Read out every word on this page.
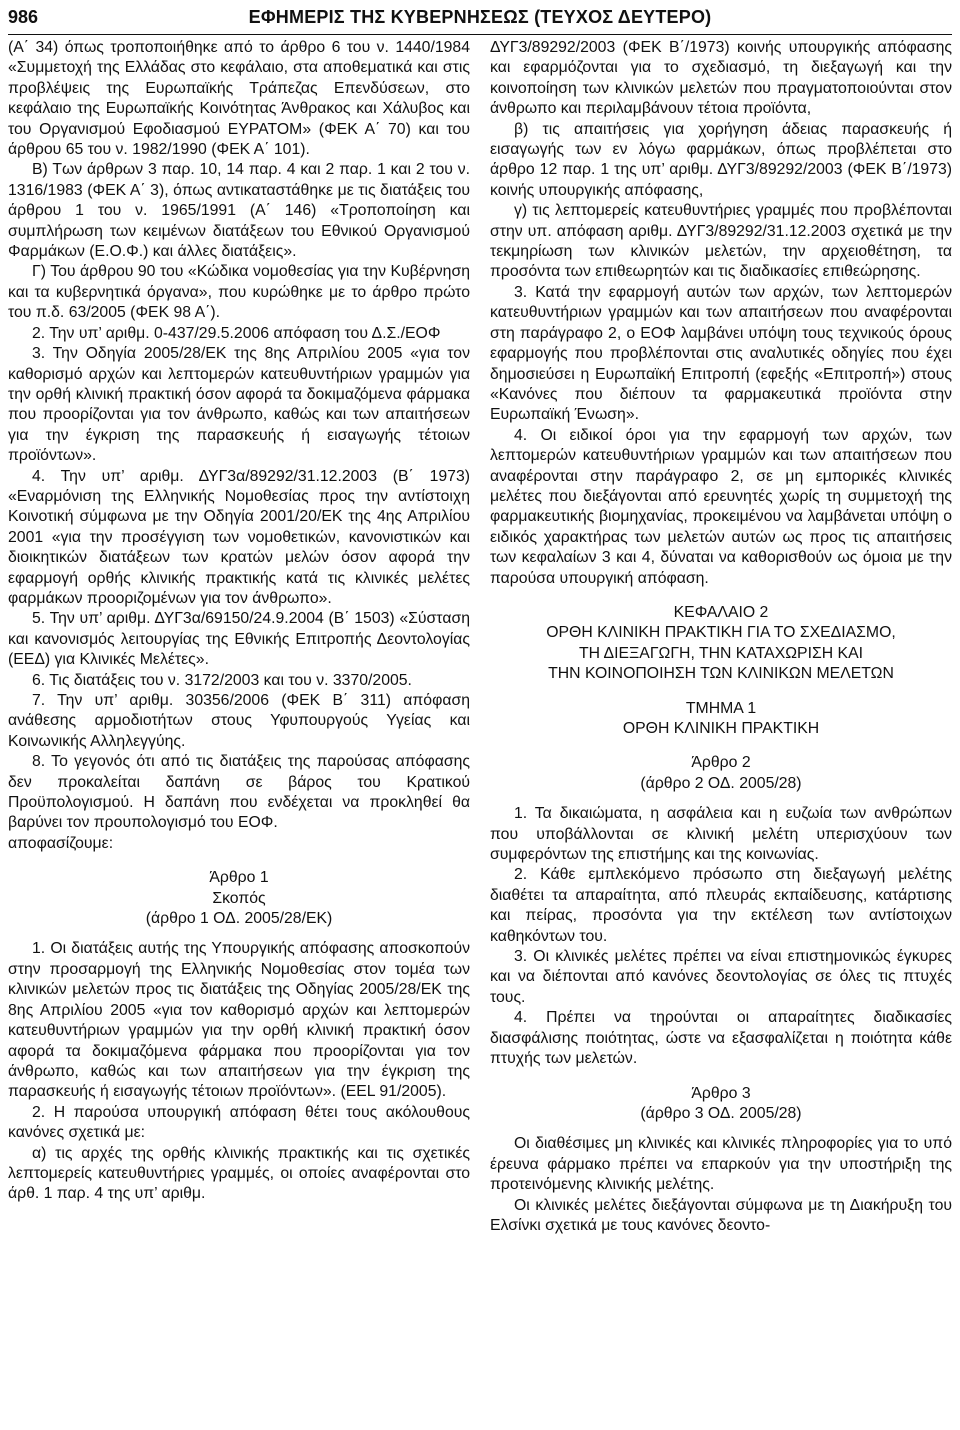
986	ΕΦΗΜΕΡΙΣ ΤΗΣ ΚΥΒΕΡΝΗΣΕΩΣ (ΤΕΥΧΟΣ ΔΕΥΤΕΡΟ)

(Α΄ 34) όπως τροποποιήθηκε από το άρθρο 6 του ν. 1440/1984 «Συμμετοχή της Ελλάδας στο κεφάλαιο, στα αποθεματικά και στις προβλέψεις της Ευρωπαϊκής Τράπεζας Επενδύσεων, στο κεφάλαιο της Ευρωπαϊκής Κοινότητας Άνθρακος και Χάλυβος και του Οργανισμού Εφοδιασμού ΕΥΡΑΤΟΜ» (ΦΕΚ Α΄ 70) και του άρθρου 65 του ν. 1982/1990 (ΦΕΚ Α΄ 101).

Β) Των άρθρων 3 παρ. 10, 14 παρ. 4 και 2 παρ. 1 και 2 του ν. 1316/1983 (ΦΕΚ Α΄ 3), όπως αντικαταστάθηκε με τις διατάξεις του άρθρου 1 του ν. 1965/1991 (Α΄ 146) «Τροποποίηση και συμπλήρωση των κειμένων διατάξεων του Εθνικού Οργανισμού Φαρμάκων (Ε.Ο.Φ.) και άλλες διατάξεις».

Γ) Του άρθρου 90 του «Κώδικα νομοθεσίας για την Κυβέρνηση και τα κυβερνητικά όργανα», που κυρώθηκε με το άρθρο πρώτο του π.δ. 63/2005 (ΦΕΚ 98 Α΄).

2. Την υπ’ αριθμ. 0-437/29.5.2006 απόφαση του Δ.Σ./ΕΟΦ

3. Την Οδηγία 2005/28/ΕΚ της 8ης Απριλίου 2005 «για τον καθορισμό αρχών και λεπτομερών κατευθυντήριων γραμμών για την ορθή κλινική πρακτική όσον αφορά τα δοκιμαζόμενα φάρμακα που προορίζονται για τον άνθρωπο, καθώς και των απαιτήσεων για την έγκριση της παρασκευής ή εισαγωγής τέτοιων προϊόντων».

4. Την υπ’ αριθμ. ΔΥΓ3α/89292/31.12.2003 (Β΄ 1973) «Εναρμόνιση της Ελληνικής Νομοθεσίας προς την αντίστοιχη Κοινοτική σύμφωνα με την Οδηγία 2001/20/ΕΚ της 4ης Απριλίου 2001 «για την προσέγγιση των νομοθετικών, κανονιστικών και διοικητικών διατάξεων των κρατών μελών όσον αφορά την εφαρμογή ορθής κλινικής πρακτικής κατά τις κλινικές μελέτες φαρμάκων προοριζομένων για τον άνθρωπο».

5. Την υπ’ αριθμ. ΔΥΓ3α/69150/24.9.2004 (Β΄ 1503) «Σύσταση και κανονισμός λειτουργίας της Εθνικής Επιτροπής Δεοντολογίας (ΕΕΔ) για Κλινικές Μελέτες».

6. Τις διατάξεις του ν. 3172/2003 και του ν. 3370/2005.

7. Την υπ’ αριθμ. 30356/2006 (ΦΕΚ Β΄ 311) απόφαση ανάθεσης αρμοδιοτήτων στους Υφυπουργούς Υγείας και Κοινωνικής Αλληλεγγύης.

8. Το γεγονός ότι από τις διατάξεις της παρούσας απόφασης δεν προκαλείται δαπάνη σε βάρος του Κρατικού Προϋπολογισμού. Η δαπάνη που ενδέχεται να προκληθεί θα βαρύνει τον προυπολογισμό του ΕΟΦ.

αποφασίζουμε:

Άρθρο 1

Σκοπός

(άρθρο 1 ΟΔ. 2005/28/ΕΚ)

1. Οι διατάξεις αυτής της Υπουργικής απόφασης αποσκοπούν στην προσαρμογή της Ελληνικής Νομοθεσίας στον τομέα των κλινικών μελετών προς τις διατάξεις της Οδηγίας 2005/28/ΕΚ της 8ης Απριλίου 2005 «για τον καθορισμό αρχών και λεπτομερών κατευθυντήριων γραμμών για την ορθή κλινική πρακτική όσον αφορά τα δοκιμαζόμενα φάρμακα που προορίζονται για τον άνθρωπο, καθώς και των απαιτήσεων για την έγκριση της παρασκευής ή εισαγωγής τέτοιων προϊόντων». (EEL 91/2005).

2. Η παρούσα υπουργική απόφαση θέτει τους ακόλουθους κανόνες σχετικά με:

α) τις αρχές της ορθής κλινικής πρακτικής και τις σχετικές λεπτομερείς κατευθυντήριες γραμμές, οι οποίες αναφέρονται στο άρθ. 1 παρ. 4 της υπ’ αριθμ.

ΔΥΓ3/89292/2003 (ΦΕΚ Β΄/1973) κοινής υπουργικής απόφασης και εφαρμόζονται για το σχεδιασμό, τη διεξαγωγή και την κοινοποίηση των κλινικών μελετών που πραγματοποιούνται στον άνθρωπο και περιλαμβάνουν τέτοια προϊόντα,

β) τις απαιτήσεις για χορήγηση άδειας παρασκευής ή εισαγωγής των εν λόγω φαρμάκων, όπως προβλέπεται στο άρθρο 12 παρ. 1 της υπ’ αριθμ. ΔΥΓ3/89292/2003 (ΦΕΚ Β΄/1973) κοινής υπουργικής απόφασης,

γ) τις λεπτομερείς κατευθυντήριες γραμμές που προβλέπονται στην υπ. απόφαση αριθμ. ΔΥΓ3/89292/31.12.2003 σχετικά με την τεκμηρίωση των κλινικών μελετών, την αρχειοθέτηση, τα προσόντα των επιθεωρητών και τις διαδικασίες επιθεώρησης.

3. Κατά την εφαρμογή αυτών των αρχών, των λεπτομερών κατευθυντήριων γραμμών και των απαιτήσεων που αναφέρονται στη παράγραφο 2, ο ΕΟΦ λαμβάνει υπόψη τους τεχνικούς όρους εφαρμογής που προβλέπονται στις αναλυτικές οδηγίες που έχει δημοσιεύσει η Ευρωπαϊκή Επιτροπή (εφεξής «Επιτροπή») στους «Κανόνες που διέπουν τα φαρμακευτικά προϊόντα στην Ευρωπαϊκή Ένωση».

4. Οι ειδικοί όροι για την εφαρμογή των αρχών, των λεπτομερών κατευθυντήριων γραμμών και των απαιτήσεων που αναφέρονται στην παράγραφο 2, σε μη εμπορικές κλινικές μελέτες που διεξάγονται από ερευνητές χωρίς τη συμμετοχή της φαρμακευτικής βιομηχανίας, προκειμένου να λαμβάνεται υπόψη ο ειδικός χαρακτήρας των μελετών αυτών ως προς τις απαιτήσεις των κεφαλαίων 3 και 4, δύναται να καθορισθούν ως όμοια με την παρούσα υπουργική απόφαση.

ΚΕΦΑΛΑΙΟ 2

ΟΡΘΗ ΚΛΙΝΙΚΗ ΠΡΑΚΤΙΚΗ ΓΙΑ ΤΟ ΣΧΕΔΙΑΣΜΟ,

ΤΗ ΔΙΕΞΑΓΩΓΗ, ΤΗΝ ΚΑΤΑΧΩΡΙΣΗ ΚΑΙ

ΤΗΝ ΚΟΙΝΟΠΟΙΗΣΗ ΤΩΝ ΚΛΙΝΙΚΩΝ ΜΕΛΕΤΩΝ

ΤΜΗΜΑ 1

ΟΡΘΗ ΚΛΙΝΙΚΗ ΠΡΑΚΤΙΚΗ

Άρθρο 2

(άρθρο 2 ΟΔ. 2005/28)

1. Τα δικαιώματα, η ασφάλεια και η ευζωία των ανθρώπων που υποβάλλονται σε κλινική μελέτη υπερισχύουν των συμφερόντων της επιστήμης και της κοινωνίας.

2. Κάθε εμπλεκόμενο πρόσωπο στη διεξαγωγή μελέτης διαθέτει τα απαραίτητα, από πλευράς εκπαίδευσης, κατάρτισης και πείρας, προσόντα για την εκτέλεση των αντίστοιχων καθηκόντων του.

3. Οι κλινικές μελέτες πρέπει να είναι επιστημονικώς έγκυρες και να διέπονται από κανόνες δεοντολογίας σε όλες τις πτυχές τους.

4. Πρέπει να τηρούνται οι απαραίτητες διαδικασίες διασφάλισης ποιότητας, ώστε να εξασφαλίζεται η ποιότητα κάθε πτυχής των μελετών.

Άρθρο 3

(άρθρο 3 ΟΔ. 2005/28)

Οι διαθέσιμες μη κλινικές και κλινικές πληροφορίες για το υπό έρευνα φάρμακο πρέπει να επαρκούν για την υποστήριξη της προτεινόμενης κλινικής μελέτης.

Οι κλινικές μελέτες διεξάγονται σύμφωνα με τη Διακήρυξη του Ελσίνκι σχετικά με τους κανόνες δεοντο-
